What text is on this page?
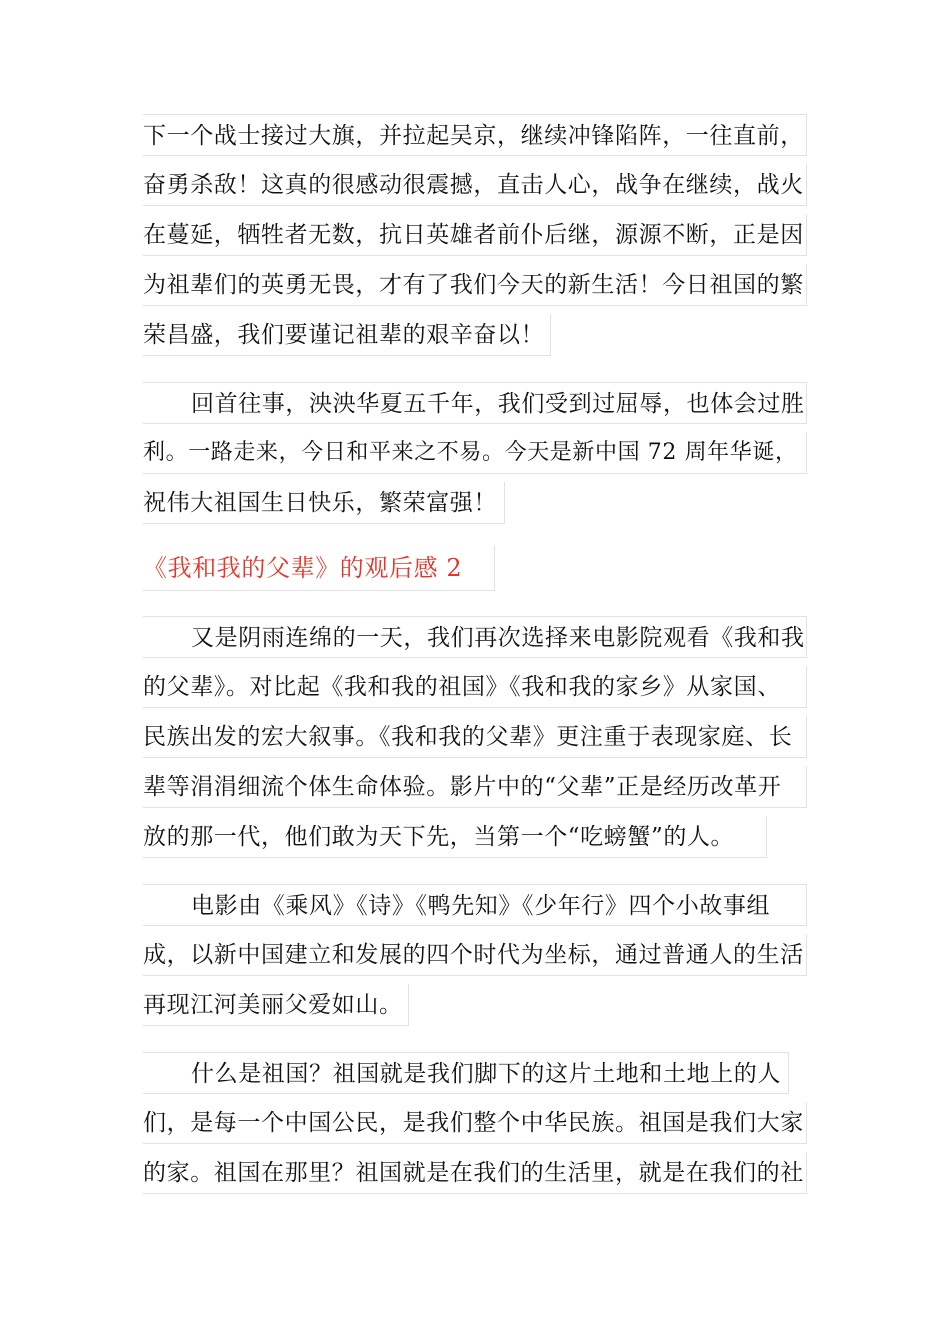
下一个战士接过大旗，并拉起吴京，继续冲锋陷阵，一往直前，
奋勇杀敌！这真的很感动很震撼，直击人心，战争在继续，战火
在蔓延，牺牲者无数，抗日英雄者前仆后继，源源不断，正是因
为祖辈们的英勇无畏，才有了我们今天的新生活！今日祖国的繁
荣昌盛，我们要谨记祖辈的艰辛奋以！
回首往事，泱泱华夏五千年，我们受到过屈辱，也体会过胜
利。一路走来，今日和平来之不易。今天是新中国 72 周年华诞，
祝伟大祖国生日快乐，繁荣富强！
《我和我的父辈》的观后感 2
又是阴雨连绵的一天，我们再次选择来电影院观看《我和我
的父辈》。对比起《我和我的祖国》《我和我的家乡》从家国、
民族出发的宏大叙事。《我和我的父辈》更注重于表现家庭、长
辈等涓涓细流个体生命体验。影片中的“父辈”正是经历改革开
放的那一代，他们敢为天下先，当第一个“吃螃蟹”的人。
电影由《乘风》《诗》《鸭先知》《少年行》四个小故事组
成，以新中国建立和发展的四个时代为坐标，通过普通人的生活
再现江河美丽父爱如山。
什么是祖国？祖国就是我们脚下的这片土地和土地上的人
们，是每一个中国公民，是我们整个中华民族。祖国是我们大家
的家。祖国在那里？祖国就是在我们的生活里，就是在我们的社
